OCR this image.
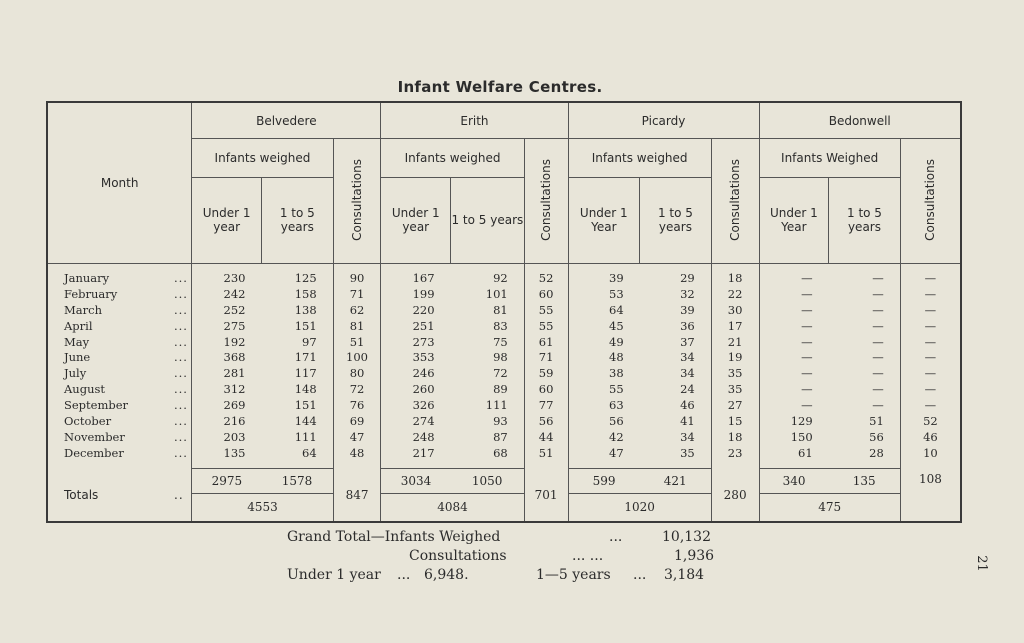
Infant Welfare Centres.
Month	Belvedere			Erith			Picardy			Bedonwell		
	Infants weighed		Consultations	Infants weighed		Consultations	Infants weighed		Consultations	Infants Weighed		Consultations
	Under 1 year	1 to 5 years		Under 1 year	1 to 5 years		Under 1 Year	1 to 5 years		Under 1 Year	1 to 5 years	

January ...	230	125	90	167	92	52	39	29	18	—	—	—
February ...	242	158	71	199	101	60	53	32	22	—	—	—
March ...	252	138	62	220	81	55	64	39	30	—	—	—
April ...	275	151	81	251	83	55	45	36	17	—	—	—
May ...	192	97	51	273	75	61	49	37	21	—	—	—
June ...	368	171	100	353	98	71	48	34	19	—	—	—
July ...	281	117	80	246	72	59	38	34	35	—	—	—
August ...	312	148	72	260	89	60	55	24	35	—	—	—
September ...	269	151	76	326	111	77	63	46	27	—	—	—
October ...	216	144	69	274	93	56	56	41	15	129	51	52
November ...	203	111	47	248	87	44	42	34	18	150	56	46
December ...	135	64	48	217	68	51	47	35	23	61	28	10

Totals ..	2975	1578	847	3034	1050	701	599	421	280	340	135	108
	4553			4084			1020			475		
Grand Total—Infants Weighed	...	10,132
Consultations	... ...	1,936
Under 1 year ... 6,948.	1—5 years ... 3,184
21
